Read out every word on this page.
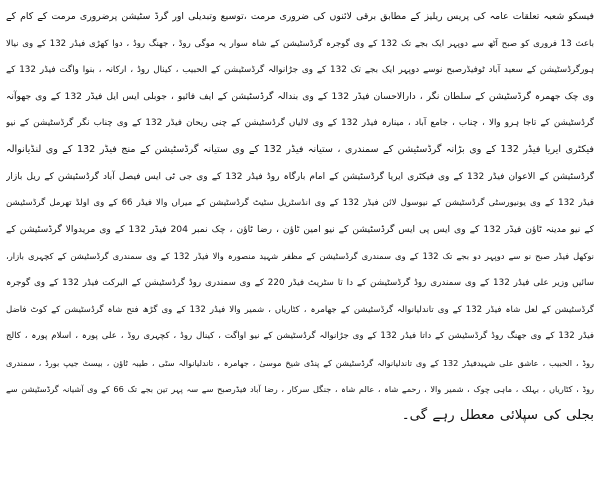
فیسکو شعبہ تعلقات عامہ کی پریس ریلیز کے مطابق برقی لائنوں کی ضروری مرمت ،توسیع وتبدیلی اور گرڈ سٹیشن پرضروری مرمت کے کام کے
باعث 13 فروری کو صبح آٹھ سے دوپہر ایک بجے تک 132 کے وی گوجرہ گرڈسٹیشن کے شاہ سوار یہ موگی روڈ ، جھنگ روڈ ، دوا کھڑی فیڈر 132 کے وی نیالا
ہورگرڈسٹیشن کے سعید آباد ٹوفیڈرصبح نوسے دوپہر ایک بجے تک 132 کے وی جڑانوالہ گرڈسٹیشن کے الحبیب ، کینال روڈ ، ارکانہ ، بنوا واگت فیڈر 132 کے
وی چک جھمرہ گرڈسٹیشن کے سلطان نگر ، دارالاحسان فیڈر 132 کے وی بندالہ گرڈسٹیشن کے ایف فائیو ، جوبلی ایس ایل فیڈر 132 کے وی جھوآنہ
گرڈسٹیشن کے تاجا ہرو والا ، چناب ، جامع آباد ، مینارہ فیڈر 132 کے وی لالیاں گرڈسٹیشن کے چنی ریحان فیڈر 132 کے وی چناب نگر گرڈسٹیشن کے نیو
فیکٹری ایریا فیڈر 132 کے وی بڑانہ گرڈسٹیشن کے سمندری ، ستیانہ فیڈر 132 کے وی ستیانہ گرڈسٹیشن کے منج فیڈر 132 کے وی لنڈیانوالہ
گرڈسٹیشن کے الاعوان فیڈر 132 کے وی فیکٹری ایریا گرڈسٹیشن کے امام بارگاہ روڈ فیڈر 132 کے وی جی ٹی ایس فیصل آباد گرڈسٹیشن کے ریل بازار
فیڈر 132 کے وی یونیورسٹی گرڈسٹیشن کے نیوسول لائن فیڈر 132 کے وی انڈسٹریل سٹیٹ گرڈسٹیشن کے میراں والا فیڈر 66 کے وی اولڈ تھرمل گرڈسٹیشن
کے نیو مدینہ ٹاؤن فیڈر 132 کے وی ایس پی ایس گرڈسٹیشن کے نیو امین ٹاؤن ، رضا ٹاؤن ، چک نمبر 204 فیڈر 132 کے وی مریدوالا گرڈسٹیشن کے
نوکھل فیڈر صبح نو سے دوپہر دو بجے تک 132 کے وی سمندری گرڈسٹیشن کے مظفر شہید منصورہ والا فیڈر 132 کے وی سمندری گرڈسٹیشن کے کچہری بازار،
سائیں وزیر علی فیڈر 132 کے وی سمندری روڈ گرڈسٹیشن کے دا تا سٹریٹ فیڈر 220 کے وی سمندری روڈ گرڈسٹیشن کے البرکت فیڈر 132 کے وی گوجرہ
گرڈسٹیشن کے لعل شاہ فیڈر 132 کے وی تاندلیانوالہ گرڈسٹیشن کے جھامرہ ، کٹاریاں ، شمیر والا فیڈر 132 کے وی گڑھ فتح شاہ گرڈسٹیشن کے کوٹ فاضل
فیڈر 132 کے وی جھنگ روڈ گرڈسٹیشن کے داتا فیڈر 132 کے وی جڑانوالہ گرڈسٹیشن کے نیو اواگت ، کینال روڈ ، کچہری روڈ ، علی پورہ ، اسلام پورہ ، کالج
روڈ ، الحبیب ، عاشق علی شہیدفیڈر 132 کے وی تاندلیانوالہ گرڈسٹیشن کے پنڈی شیخ موسیٰ ، جھامرہ ، تاندلیانوالہ سٹی ، طیبہ ٹاؤن ، بیسٹ جیپ بورڈ ، سمندری
روڈ ، کٹاریاں ، بہلک ، ماہی چوک ، شمیر والا ، رحمے شاہ ، عالم شاہ ، جنگل سرکار ، رضا آباد فیڈرصبح سے سہ پہر تین بجے تک 66 کے وی آشیانہ گرڈسٹیشن سے
بجلی کی سپلائی معطل رہے گی۔
